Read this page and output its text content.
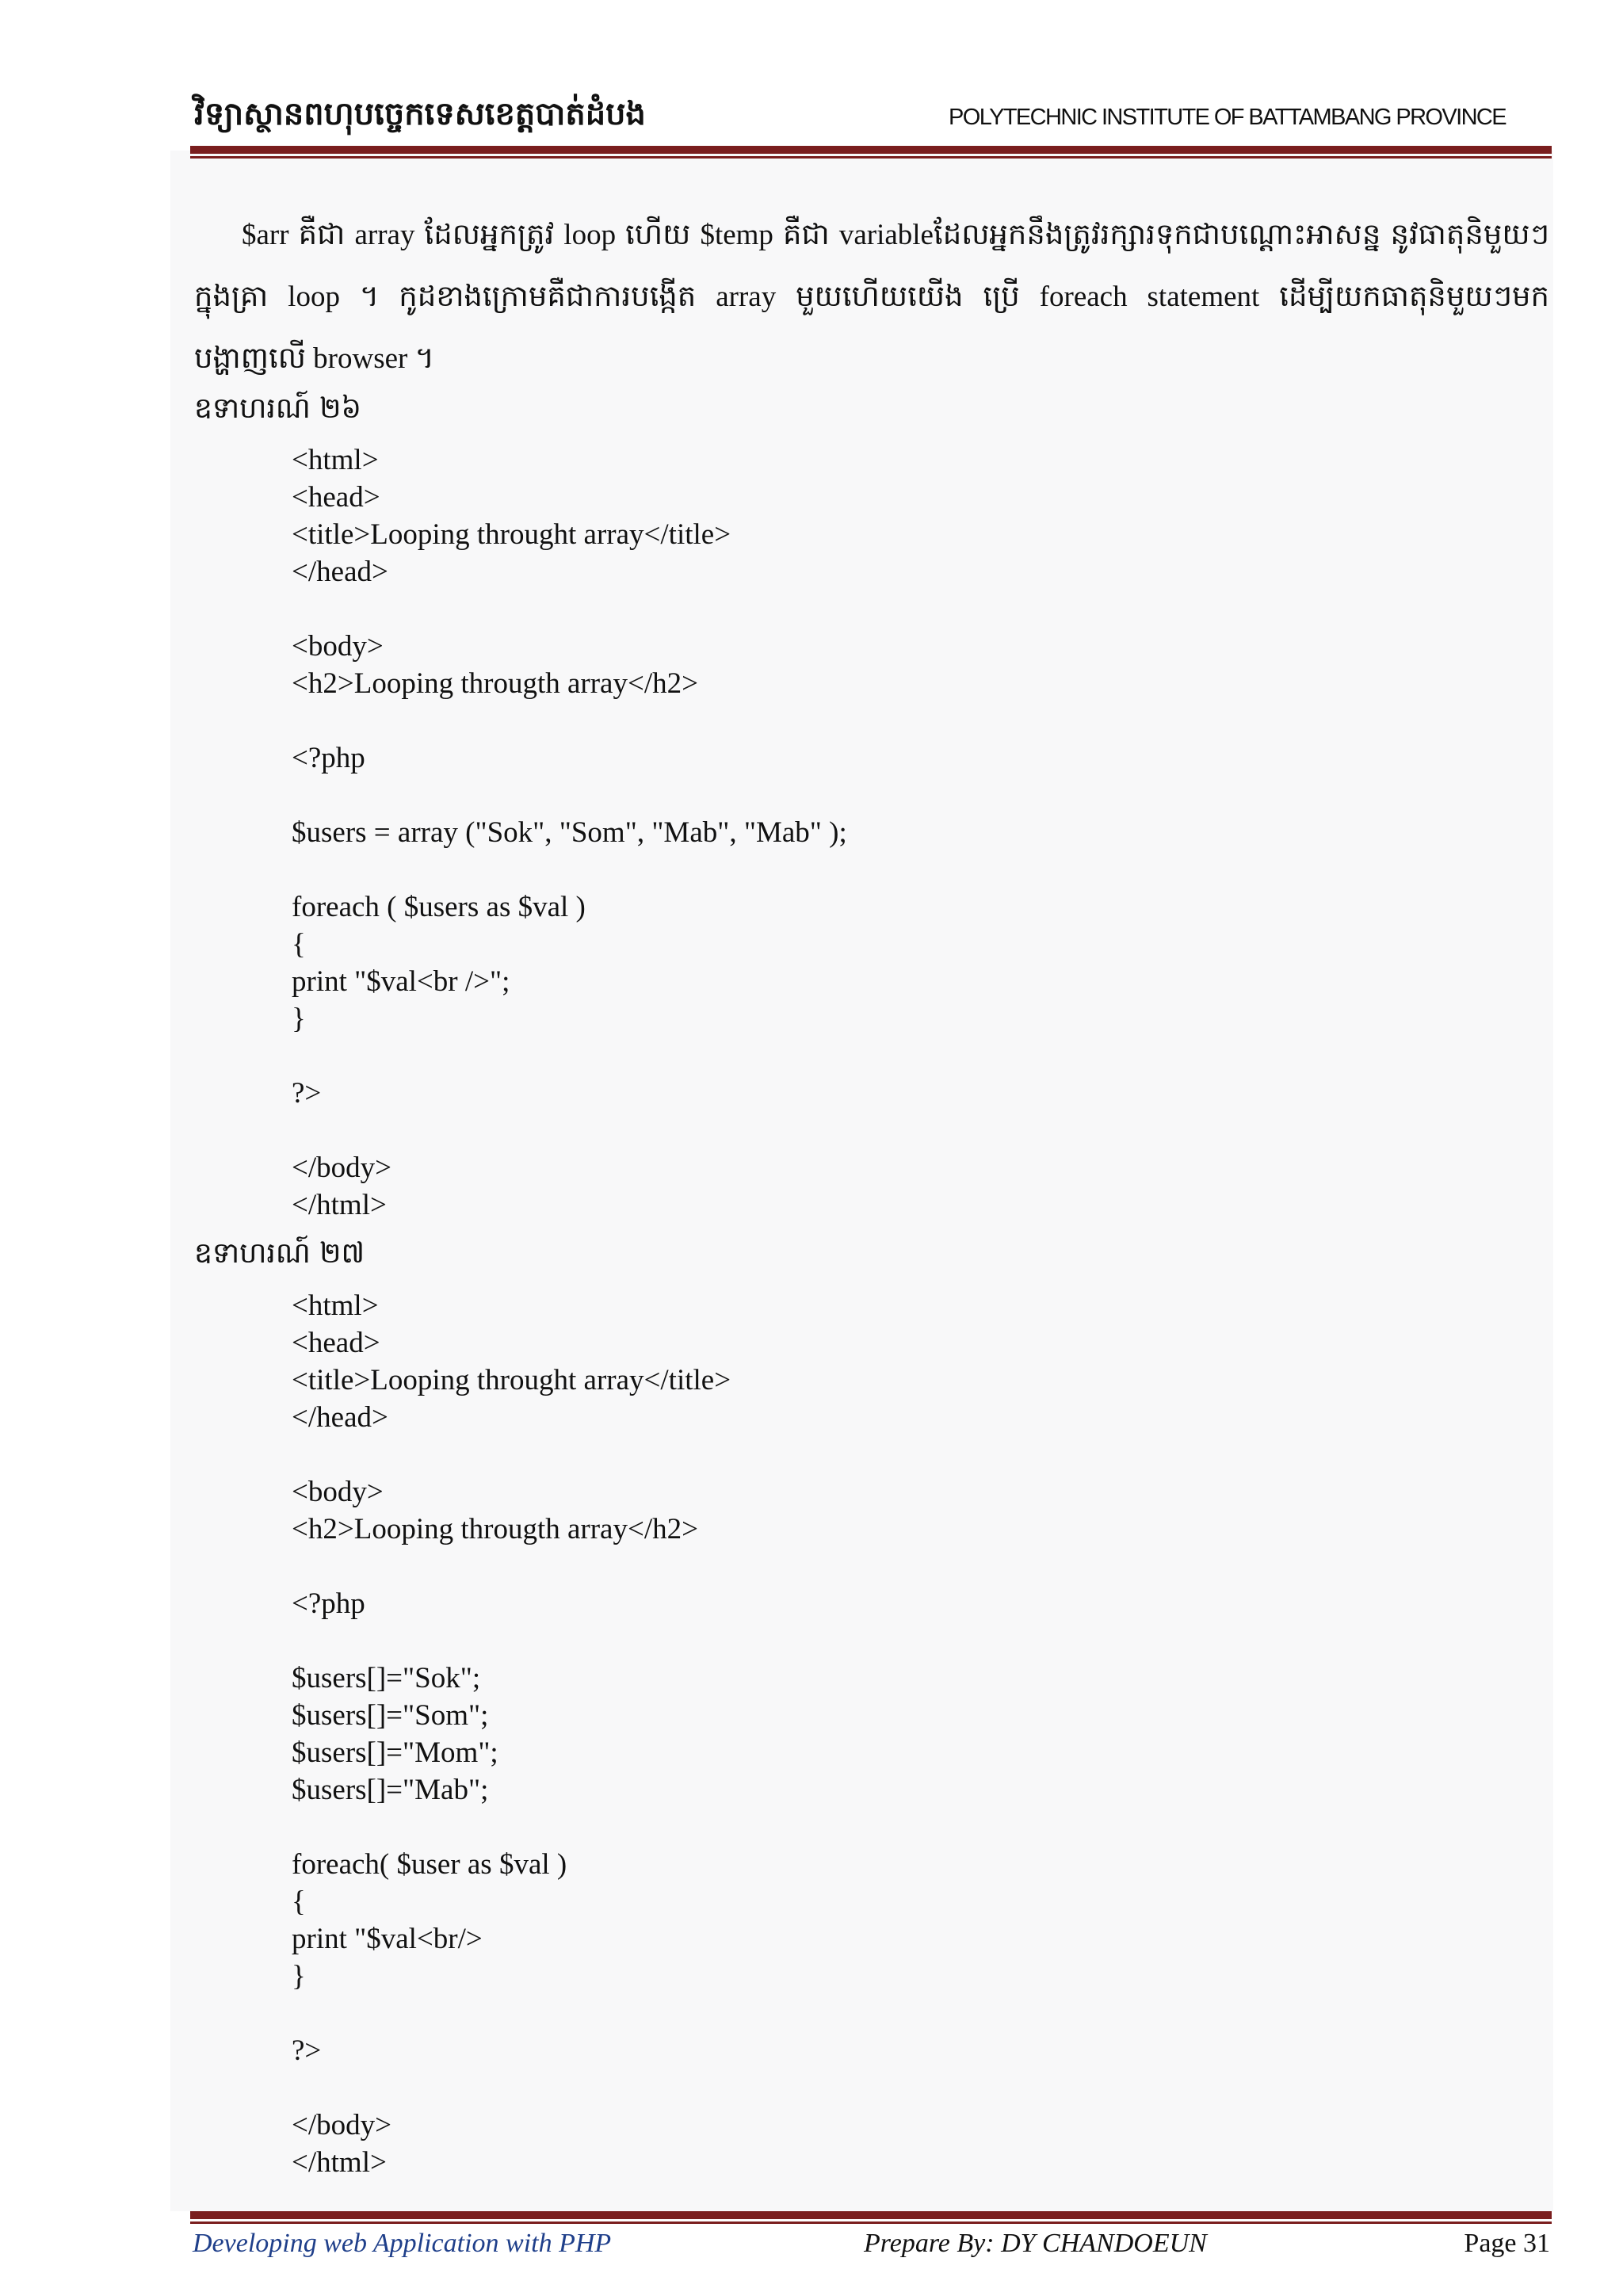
វិទ្យាស្ថានពហុបច្ចេកទេសខេត្តបាត់ដំបង	POLYTECHNIC INSTITUTE OF BATTAMBANG PROVINCE
$arr គឺជា array ដែលអ្នកត្រូវ loop ហើយ $temp គឺជា variableដែលអ្នកនឹងត្រូវរក្សារទុកជាបណ្ដោះអាសន្ន នូវធាតុនិមួយៗ ក្នុងគ្រា loop ។ កូដខាងក្រោមគឺជាការបង្កើត array មួយហើយយើង ប្រើ foreach statement ដើម្បីយកធាតុនិមួយៗមក បង្ហាញលើ browser ។
ឧទាហរណ៍ ២៦
<html>
<head>
<title>Looping throught array</title>
</head>

<body>
<h2>Looping througth array</h2>

<?php

$users = array ("Sok", "Som", "Mab", "Mab" );

foreach ( $users as $val )
{
print "$val<br />";
}

?>

</body>
</html>
ឧទាហរណ៍ ២៧
<html>
<head>
<title>Looping throught array</title>
</head>

<body>
<h2>Looping througth array</h2>

<?php

$users[]="Sok";
$users[]="Som";
$users[]="Mom";
$users[]="Mab";

foreach( $user as $val )
{
print "$val<br/>
}

?>

</body>
</html>
Developing web Application with PHP	Prepare By: DY CHANDOEUN	Page 31
